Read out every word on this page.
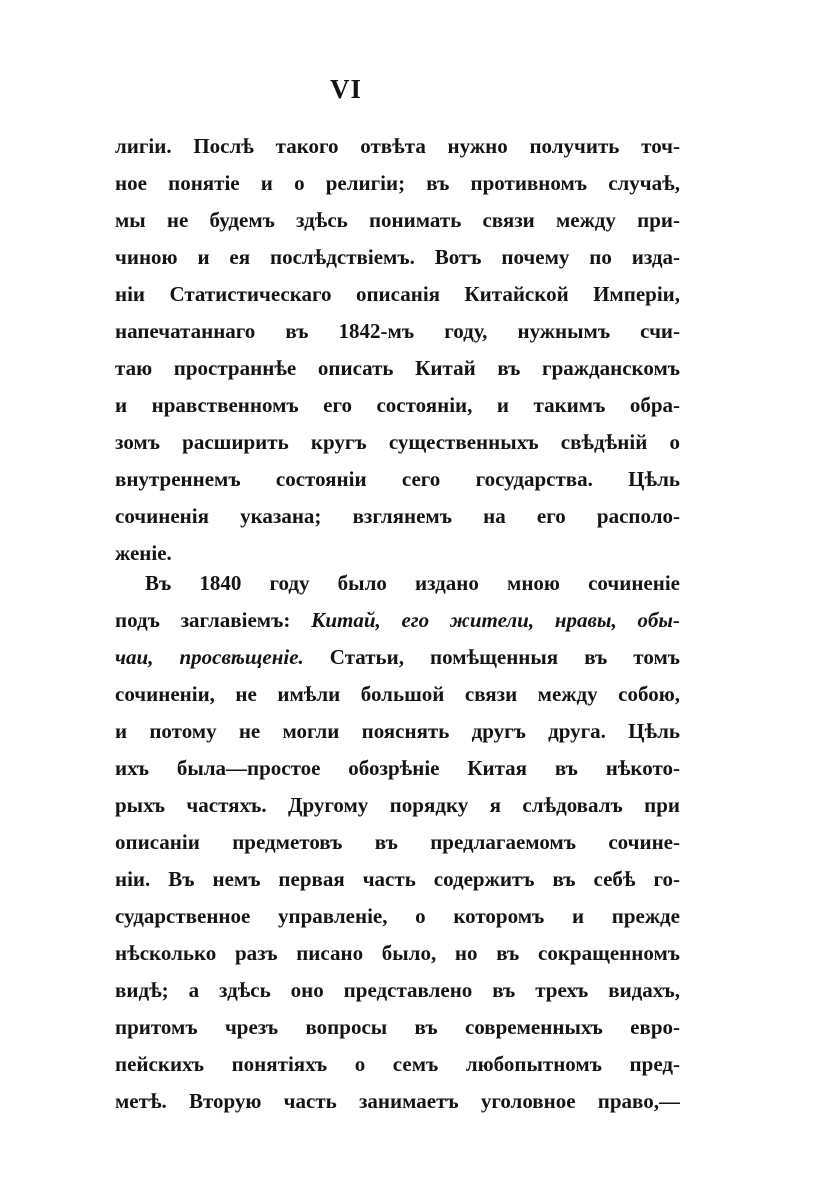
VI
лигіи. Послѣ такого отвѣта нужно получить точ-
ное понятіе и о религіи; въ противномъ случаѣ,
мы не будемъ здѣсь понимать связи между при-
чиною и ея послѣдствіемъ. Вотъ почему по изда-
ніи Статистическаго описанія Китайской Имперіи,
напечатаннаго въ 1842-мъ году, нужнымъ счи-
таю пространнѣе описать Китай въ гражданскомъ
и нравственномъ его состояніи, и такимъ обра-
зомъ расширить кругъ существенныхъ свѣдѣній о
внутреннемъ состояніи сего государства. Цѣль
сочиненія указана; взглянемъ на его располо-
женіе.
Въ 1840 году было издано мною сочиненіе
подъ заглавіемъ: Китай, его жители, нравы, обы-
чаи, просвѣщеніе. Статьи, помѣщенныя въ томъ
сочиненіи, не имѣли большой связи между собою,
и потому не могли пояснять другъ друга. Цѣль
ихъ была—простое обозрѣніе Китая въ нѣкото-
рыхъ частяхъ. Другому порядку я слѣдовалъ при
описаніи предметовъ въ предлагаемомъ сочине-
ніи. Въ немъ первая часть содержитъ въ себѣ го-
сударственное управленіе, о которомъ и прежде
нѣсколько разъ писано было, но въ сокращенномъ
видѣ; а здѣсь оно представлено въ трехъ видахъ,
притомъ чрезъ вопросы въ современныхъ евро-
пейскихъ понятіяхъ о семъ любопытномъ пред-
метѣ. Вторую часть занимаетъ уголовное право,—
